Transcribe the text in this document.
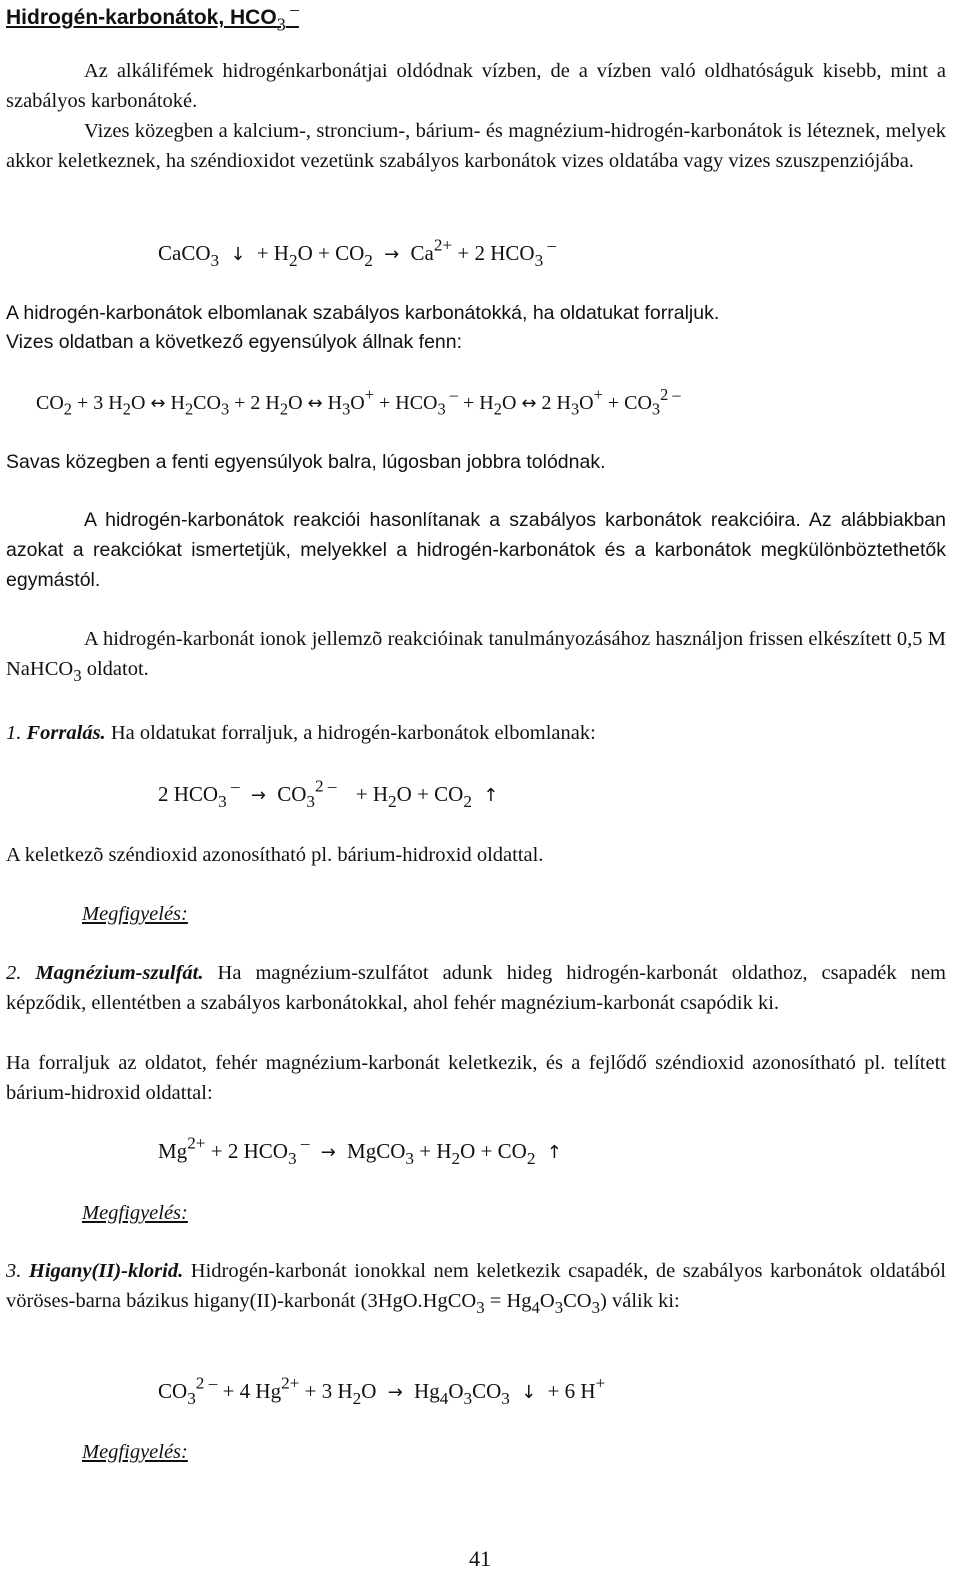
Hidrogén-karbonátok, $HCO_3$ –

Az alkálifémek hidrogénkarbonátjai oldódnak vízben, de a vízben való oldhatóságuk kisebb, mint a szabályos karbonátoké.

Vizes közegben a kalcium-, stroncium-, bárium- és magnézium-hidrogén-karbonátok is léteznek, melyek akkor keletkeznek, ha széndioxidot vezetünk szabályos karbonátok vizes oldatába vagy vizes szuszpenziójába.

CaCO$_3$ ↓ + $H_2O + CO_2 \to Ca^{2+} + 2$ $HCO_3$ –

A hidrogén-karbonátok elbomlanak szabályos karbonátokká, ha oldatukat forraljuk.

Vizes oldatban a következő egyensúlyok állnak fenn:

$CO_2 + 3$ $H_2O$ ↔ $H_2CO_3 + 2$ $H_2O$ ↔ $H_3O^+ + HCO_3$ $^- + H_2O$ ↔ 2 $H_3O^+ + CO_3^{2 -}$

Savas közegben a fenti egyensúlyok balra, lúgosban jobbra tolódnak.

A hidrogén-karbonátok reakciói hasonlítanak a szabályos karbonátok reakcióira. Az alábbiakban azokat a reakciókat ismertetjük, melyekkel a hidrogén-karbonátok és a karbonátok megkülönböztethetők egymástól.

A hidrogén-karbonát ionok jellemzõ reakcióinak tanulmányozásához használjon frissen elkészített 0,5 M NaHCO$_3$ oldatot.

1. Forralás. Ha oldatukat forraljuk, a hidrogén-karbonátok elbomlanak:

2 $HCO_3$ $^- \to CO_3^{2 -} + H_2O + CO_2$ ↑

A keletkezõ széndioxid azonosítható pl. bárium-hidroxid oldattal.

Megfigyelés:

2. Magnézium-szulfát. Ha magnézium-szulfátot adunk hideg hidrogén-karbonát oldathoz, csapadék nem képződik, ellentétben a szabályos karbonátokkal, ahol fehér magnézium-karbonát csapódik ki.

Ha forraljuk az oldatot, fehér magnézium-karbonát keletkezik, és a fejlődő széndioxid azonosítható pl. telített bárium-hidroxid oldattal:

$Mg^{2+} + 2$ $HCO_3$ – → MgCO$_3$ + $H_2O + CO_2$ ↑

Megfigyelés:

3. Higany(II)-klorid. Hidrogén-karbonát ionokkal nem keletkezik csapadék, de szabályos karbonátok oldatából vöröses-barna bázikus higany(II)-karbonát (3HgO.HgCO$_3$ = $Hg_4O_3CO_3$) válik ki:

$CO_3^{2 -} + 4$ $Hg^{2+} + 3$ $H_2O \to Hg_4O_3CO_3$ ↓ + 6 H+

Megfigyelés:

41
